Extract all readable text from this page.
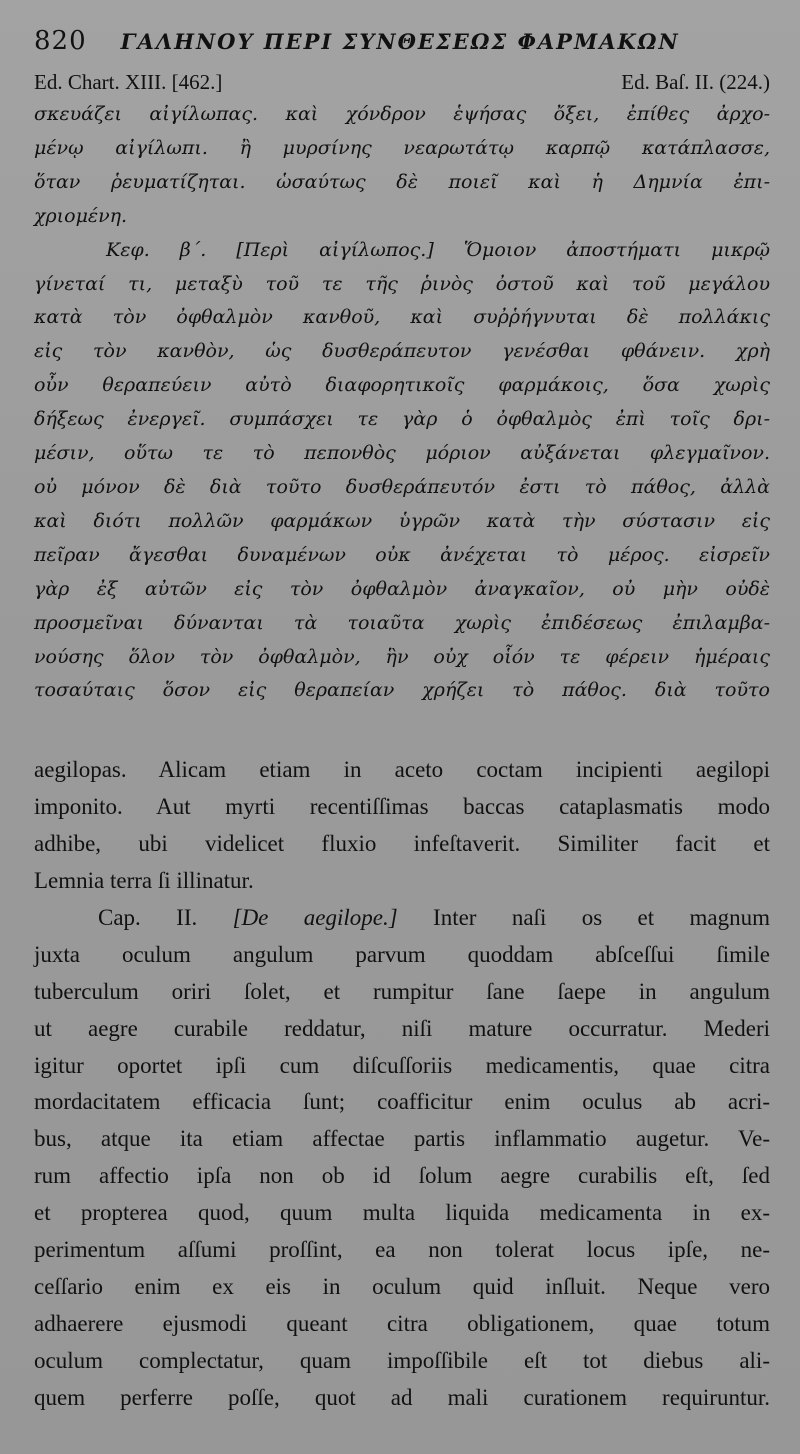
820 ΓΑΛΗΝΟΥ ΠΕΡΙ ΣΥΝΘΕΣΕΩΣ ΦΑΡΜΑΚΩΝ
Ed. Chart. XIII. [462.]	Ed. Baſ. II. (224.)
σκευάζει αἰγίλωπας. καὶ χόνδρον ἑψήσας ὄξει, ἐπίθες ἀρχο-
μένῳ αἰγίλωπι. ἢ μυρσίνης νεαρωτάτῳ καρπῷ κατάπλασσε,
ὅταν ῥευματίζηται. ὡσαύτως δὲ ποιεῖ καὶ ἡ Δημνία ἐπι-
χριομένη.
Κεφ. β΄. [Περὶ αἰγίλωπος.] Ὅμοιον ἀποστήματι μικρῷ
γίνεταί τι, μεταξὺ τοῦ τε τῆς ῥινὸς ὀστοῦ καὶ τοῦ μεγάλου
κατὰ τὸν ὀφθαλμὸν κανθοῦ, καὶ συῤῥήγνυται δὲ πολλάκις
εἰς τὸν κανθὸν, ὡς δυσθεράπευτον γενέσθαι φθάνειν. χρὴ
οὖν θεραπεύειν αὐτὸ διαφορητικοῖς φαρμάκοις, ὅσα χωρὶς
δήξεως ἐνεργεῖ. συμπάσχει τε γὰρ ὁ ὀφθαλμὸς ἐπὶ τοῖς δρι-
μέσιν, οὕτω τε τὸ πεπονθὸς μόριον αὐξάνεται φλεγμαῖνον.
οὐ μόνον δὲ διὰ τοῦτο δυσθεράπευτόν ἐστι τὸ πάθος, ἀλλὰ
καὶ διότι πολλῶν φαρμάκων ὑγρῶν κατὰ τὴν σύστασιν εἰς
πεῖραν ἄγεσθαι δυναμένων οὐκ ἀνέχεται τὸ μέρος. εἰσρεῖν
γὰρ ἐξ αὐτῶν εἰς τὸν ὀφθαλμὸν ἀναγκαῖον, οὐ μὴν οὐδὲ
προσμεῖναι δύνανται τὰ τοιαῦτα χωρὶς ἐπιδέσεως ἐπιλαμβα-
νούσης ὅλον τὸν ὀφθαλμὸν, ἣν οὐχ οἷόν τε φέρειν ἡμέραις
τοσαύταις ὅσον εἰς θεραπείαν χρήζει τὸ πάθος. διὰ τοῦτο
aegilopas. Alicam etiam in aceto coctam incipienti aegilopi
imponito. Aut myrti recentiſſimas baccas cataplasmatis modo
adhibe, ubi videlicet fluxio infeſtaverit. Similiter facit et
Lemnia terra ſi illinatur.
Cap. II. [De aegilope.] Inter naſi os et magnum
juxta oculum angulum parvum quoddam abſceſſui ſimile
tuberculum oriri ſolet, et rumpitur ſane ſaepe in angulum
ut aegre curabile reddatur, niſi mature occurratur. Mederi
igitur oportet ipſi cum diſcuſſoriis medicamentis, quae citra
mordacitatem efficacia ſunt; coafficitur enim oculus ab acri-
bus, atque ita etiam affectae partis inflammatio augetur. Ve-
rum affectio ipſa non ob id ſolum aegre curabilis eſt, ſed
et propterea quod, quum multa liquida medicamenta in ex-
perimentum aſſumi proſſint, ea non tolerat locus ipſe, ne-
ceſſario enim ex eis in oculum quid inſluit. Neque vero
adhaerere ejusmodi queant citra obligationem, quae totum
oculum complectatur, quam impoſſibile eſt tot diebus ali-
quem perferre poſſe, quot ad mali curationem requiruntur.
